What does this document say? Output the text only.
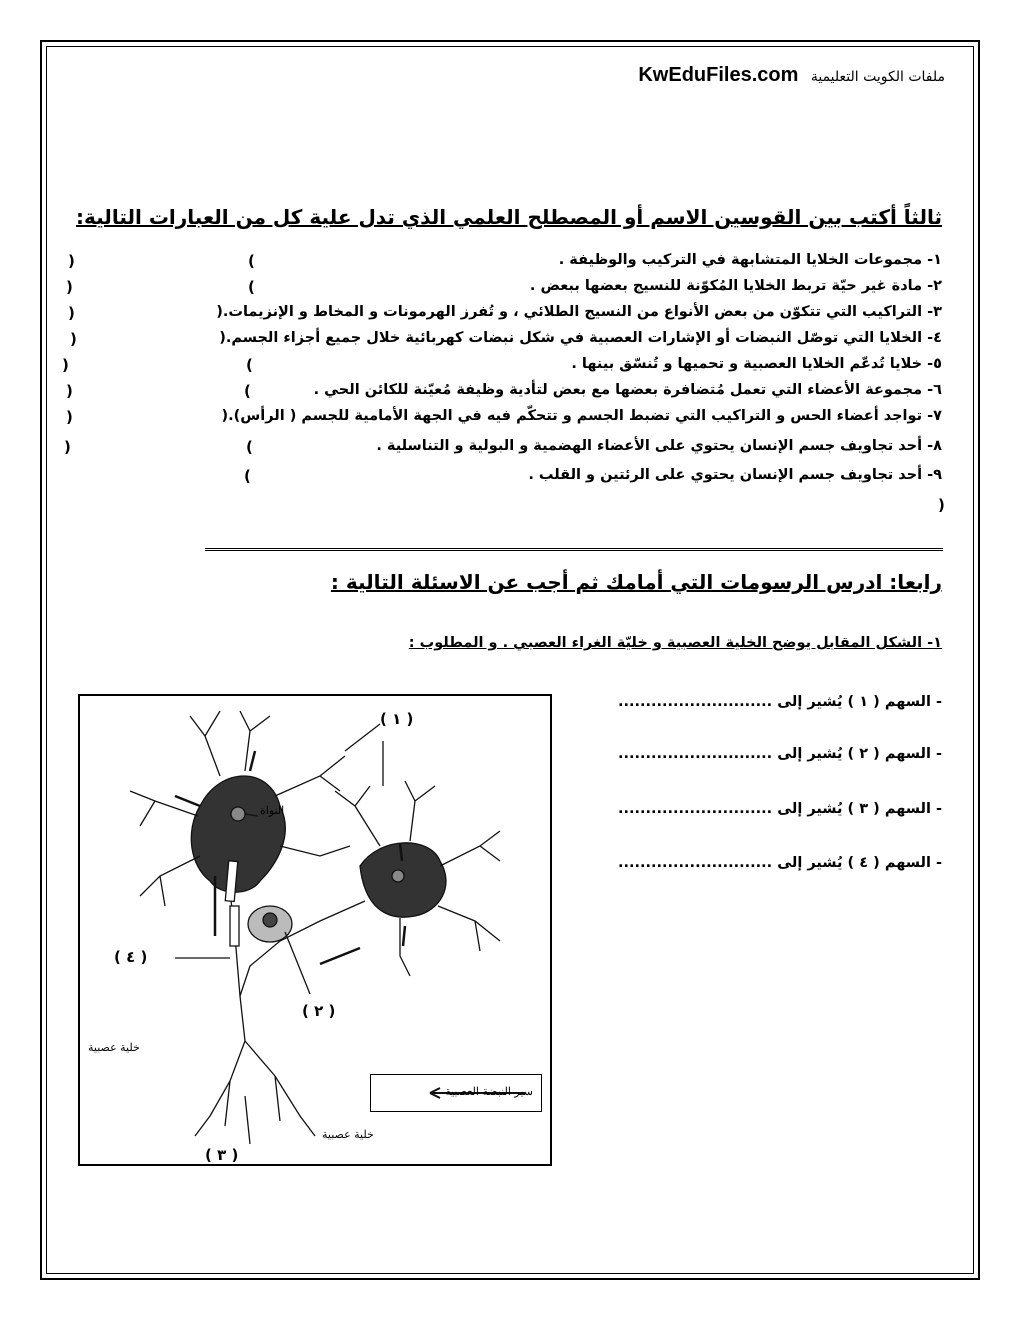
ملفات الكويت التعليمية KwEduFiles.com
ثالثاً أكتب بين القوسين الاسم أو المصطلح العلمي الذي تدل علية كل من العبارات التالية:
١- مجموعات الخلايا المتشابهة في التركيب والوظيفة .
٢- مادة غير حيّة تربط الخلايا المُكوّنة للنسيج بعضها ببعض .
٣- التراكيب التي تتكوّن من بعض الأنواع من النسيج الطلائي ، و تُفرز الهرمونات و المخاط و الإنزيمات.(
٤- الخلايا التي توصّل النبضات أو الإشارات العصبية في شكل نبضات كهربائية خلال جميع أجزاء الجسم.(
٥- خلايا تُدعّم الخلايا العصبية و تحميها و تُنسّق بينها .
٦- مجموعة الأعضاء التي تعمل مُتضافرة بعضها مع بعض لتأدية وظيفة مُعيّنة للكائن الحي .
٧- تواجد أعضاء الحس و التراكيب التي تضبط الجسم و تتحكّم فيه في الجهة الأمامية للجسم ( الرأس).(
٨- أحد تجاويف جسم الإنسان يحتوي على الأعضاء الهضمية و البولية و التناسلية .
٩- أحد تجاويف جسم الإنسان يحتوي على الرئتين و القلب .
(
)
(
)
)
)
(
)
(
)
)
(
)
(
)
رابعا: ادرس الرسومات التي أمامك ثم أجب عن الاسئلة التالية :
١- الشكل المقابل يوضح الخلية العصبية و خليّة الغراء العصبي . و المطلوب :
- السهم ( ١ ) يُشير إلى ............................
- السهم ( ٢ ) يُشير إلى ............................
- السهم ( ٣ ) يُشير إلى ............................
- السهم ( ٤ ) يُشير إلى ............................
( ١ )
( ٢ )
( ٣ )
( ٤ )
النواة
خلية عصبية
خلية عصبية
سير النبضة العصبية
